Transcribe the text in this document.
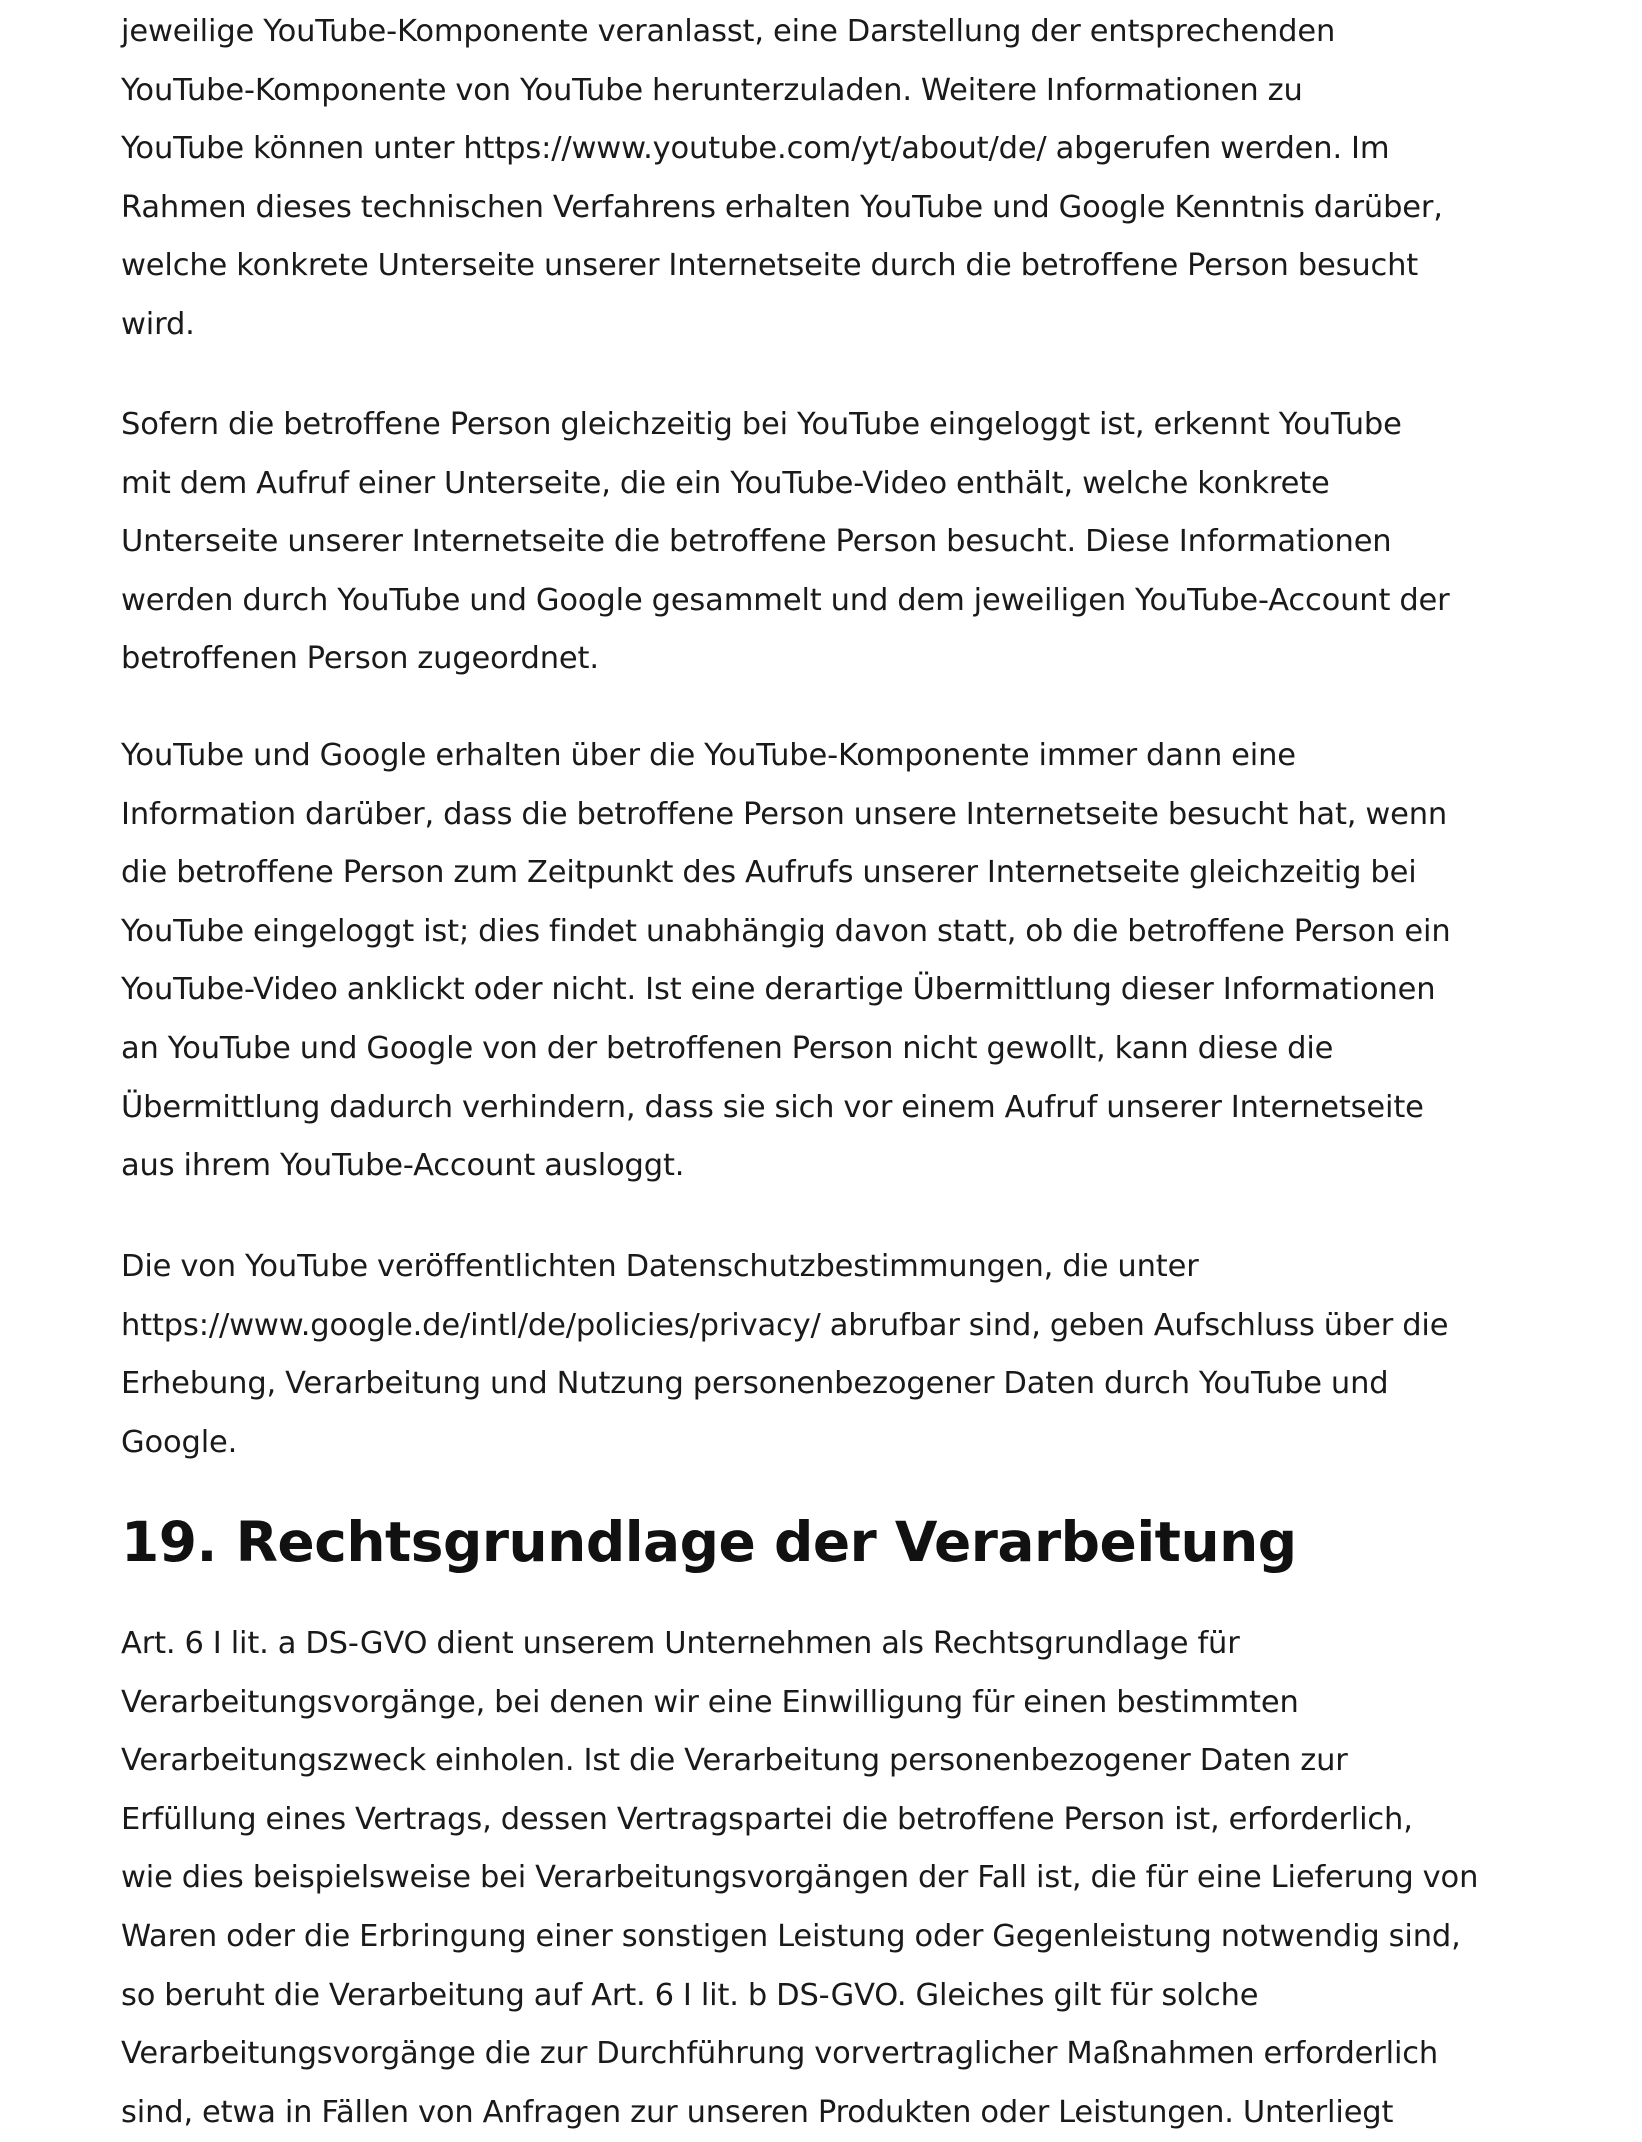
jeweilige YouTube-Komponente veranlasst, eine Darstellung der entsprechenden
YouTube-Komponente von YouTube herunterzuladen. Weitere Informationen zu
YouTube können unter https://www.youtube.com/yt/about/de/ abgerufen werden. Im
Rahmen dieses technischen Verfahrens erhalten YouTube und Google Kenntnis darüber,
welche konkrete Unterseite unserer Internetseite durch die betroffene Person besucht
wird.

Sofern die betroffene Person gleichzeitig bei YouTube eingeloggt ist, erkennt YouTube
mit dem Aufruf einer Unterseite, die ein YouTube-Video enthält, welche konkrete
Unterseite unserer Internetseite die betroffene Person besucht. Diese Informationen
werden durch YouTube und Google gesammelt und dem jeweiligen YouTube-Account der
betroffenen Person zugeordnet.

YouTube und Google erhalten über die YouTube-Komponente immer dann eine
Information darüber, dass die betroffene Person unsere Internetseite besucht hat, wenn
die betroffene Person zum Zeitpunkt des Aufrufs unserer Internetseite gleichzeitig bei
YouTube eingeloggt ist; dies findet unabhängig davon statt, ob die betroffene Person ein
YouTube-Video anklickt oder nicht. Ist eine derartige Übermittlung dieser Informationen
an YouTube und Google von der betroffenen Person nicht gewollt, kann diese die
Übermittlung dadurch verhindern, dass sie sich vor einem Aufruf unserer Internetseite
aus ihrem YouTube-Account ausloggt.

Die von YouTube veröffentlichten Datenschutzbestimmungen, die unter
https://www.google.de/intl/de/policies/privacy/ abrufbar sind, geben Aufschluss über die
Erhebung, Verarbeitung und Nutzung personenbezogener Daten durch YouTube und
Google.

19. Rechtsgrundlage der Verarbeitung

Art. 6 I lit. a DS-GVO dient unserem Unternehmen als Rechtsgrundlage für
Verarbeitungsvorgänge, bei denen wir eine Einwilligung für einen bestimmten
Verarbeitungszweck einholen. Ist die Verarbeitung personenbezogener Daten zur
Erfüllung eines Vertrags, dessen Vertragspartei die betroffene Person ist, erforderlich,
wie dies beispielsweise bei Verarbeitungsvorgängen der Fall ist, die für eine Lieferung von
Waren oder die Erbringung einer sonstigen Leistung oder Gegenleistung notwendig sind,
so beruht die Verarbeitung auf Art. 6 I lit. b DS-GVO. Gleiches gilt für solche
Verarbeitungsvorgänge die zur Durchführung vorvertraglicher Maßnahmen erforderlich
sind, etwa in Fällen von Anfragen zur unseren Produkten oder Leistungen. Unterliegt
